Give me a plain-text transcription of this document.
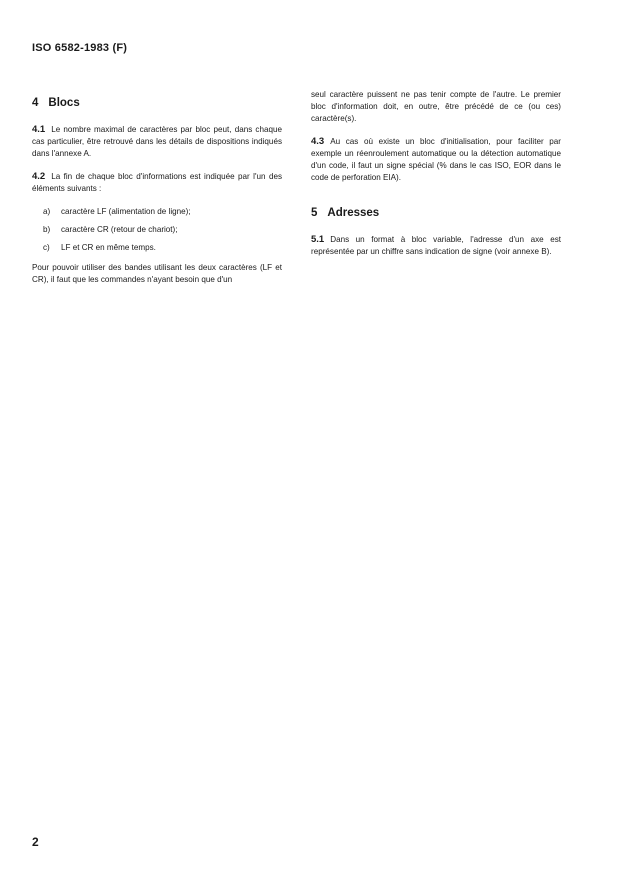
ISO 6582-1983 (F)
4 Blocs

4.1 Le nombre maximal de caractères par bloc peut, dans chaque cas particulier, être retrouvé dans les détails de dispositions indiqués dans l'annexe A.

4.2 La fin de chaque bloc d'informations est indiquée par l'un des éléments suivants :

a)	caractère LF (alimentation de ligne);
b)	caractère CR (retour de chariot);
c)	LF et CR en même temps.

Pour pouvoir utiliser des bandes utilisant les deux caractères (LF et CR), il faut que les commandes n'ayant besoin que d'un

seul caractère puissent ne pas tenir compte de l'autre. Le premier bloc d'information doit, en outre, être précédé de ce (ou ces) caractère(s).

4.3 Au cas où existe un bloc d'initialisation, pour faciliter par exemple un réenroulement automatique ou la détection automatique d'un code, il faut un signe spécial (% dans le cas ISO, EOR dans le code de perforation EIA).

5 Adresses

5.1 Dans un format à bloc variable, l'adresse d'un axe est représentée par un chiffre sans indication de signe (voir annexe B).

2
